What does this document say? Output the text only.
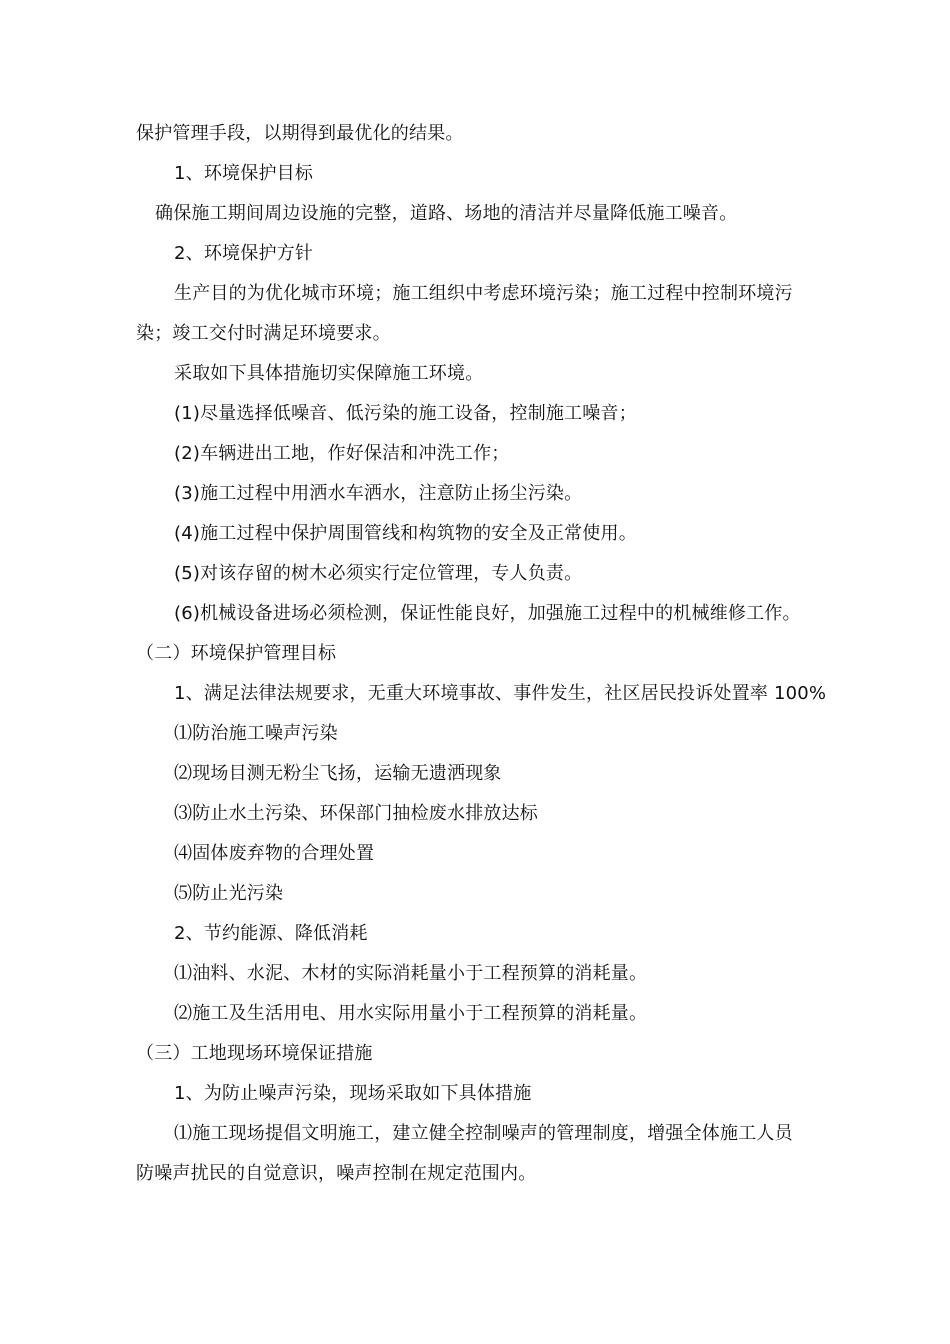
保护管理手段，以期得到最优化的结果。
1、环境保护目标
确保施工期间周边设施的完整，道路、场地的清洁并尽量降低施工噪音。
2、环境保护方针
生产目的为优化城市环境；施工组织中考虑环境污染；施工过程中控制环境污
染；竣工交付时满足环境要求。
采取如下具体措施切实保障施工环境。
(1)尽量选择低噪音、低污染的施工设备，控制施工噪音；
(2)车辆进出工地，作好保洁和冲洗工作；
(3)施工过程中用洒水车洒水，注意防止扬尘污染。
(4)施工过程中保护周围管线和构筑物的安全及正常使用。
(5)对该存留的树木必须实行定位管理，专人负责。
(6)机械设备进场必须检测，保证性能良好，加强施工过程中的机械维修工作。
（二）环境保护管理目标
1、满足法律法规要求，无重大环境事故、事件发生，社区居民投诉处置率 100%
⑴防治施工噪声污染
⑵现场目测无粉尘飞扬，运输无遗洒现象
⑶防止水土污染、环保部门抽检废水排放达标
⑷固体废弃物的合理处置
⑸防止光污染
2、节约能源、降低消耗
⑴油料、水泥、木材的实际消耗量小于工程预算的消耗量。
⑵施工及生活用电、用水实际用量小于工程预算的消耗量。
（三）工地现场环境保证措施
1、为防止噪声污染，现场采取如下具体措施
⑴施工现场提倡文明施工，建立健全控制噪声的管理制度，增强全体施工人员
防噪声扰民的自觉意识，噪声控制在规定范围内。
